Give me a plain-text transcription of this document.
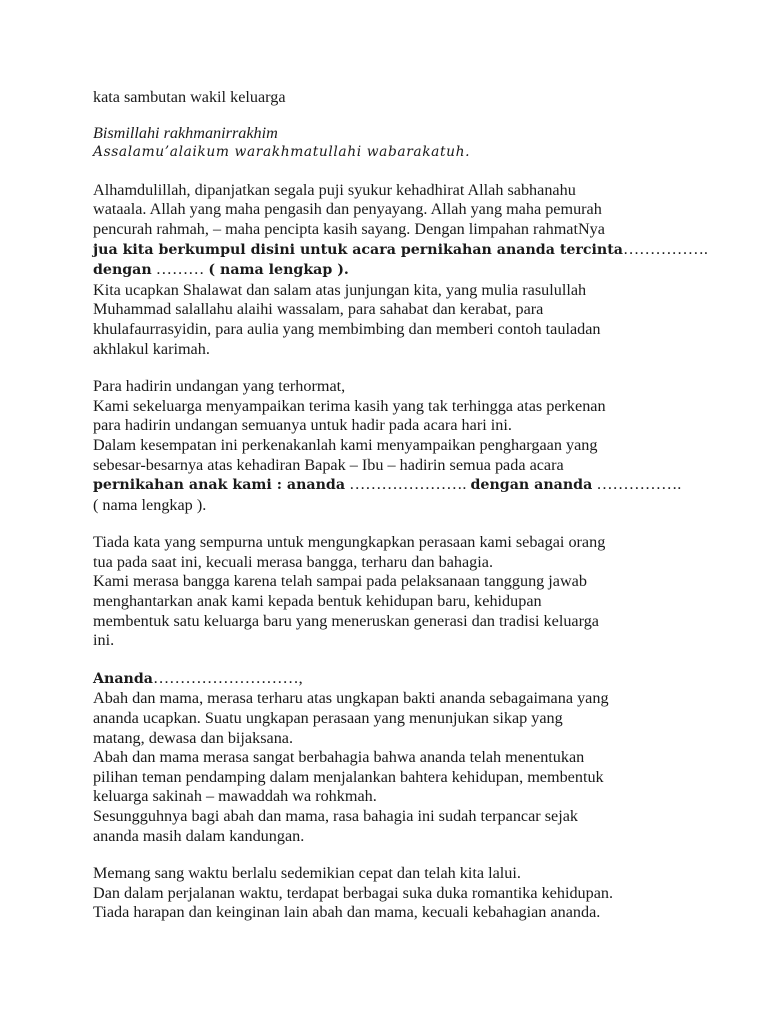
kata sambutan wakil keluarga
Bismillahi rakhmanirrakhim
Assalamu’alaikum warakhmatullahi wabarakatuh.
Alhamdulillah, dipanjatkan segala puji syukur kehadhirat Allah sabhanahu
wataala. Allah yang maha pengasih dan penyayang. Allah yang maha pemurah
pencurah rahmah, – maha pencipta kasih sayang. Dengan limpahan rahmatNya
jua kita berkumpul disini untuk acara pernikahan ananda tercinta…………….
dengan ……… ( nama lengkap ).
Kita ucapkan Shalawat dan salam atas junjungan kita, yang mulia rasulullah
Muhammad salallahu alaihi wassalam, para sahabat dan kerabat, para
khulafaurrasyidin, para aulia yang membimbing dan memberi contoh tauladan
akhlakul karimah.
Para hadirin undangan yang terhormat,
Kami sekeluarga menyampaikan terima kasih yang tak terhingga atas perkenan
para hadirin undangan semuanya untuk hadir pada acara hari ini.
Dalam kesempatan ini perkenakanlah kami menyampaikan penghargaan yang
sebesar-besarnya atas kehadiran Bapak – Ibu – hadirin semua pada acara
pernikahan anak kami : ananda …………………. dengan ananda …………….
( nama lengkap ).
Tiada kata yang sempurna untuk mengungkapkan perasaan kami sebagai orang
tua pada saat ini, kecuali merasa bangga, terharu dan bahagia.
Kami merasa bangga karena telah sampai pada pelaksanaan tanggung jawab
menghantarkan anak kami kepada bentuk kehidupan baru, kehidupan
membentuk satu keluarga baru yang meneruskan generasi dan tradisi keluarga
ini.
Ananda………………………,
Abah dan mama, merasa terharu atas ungkapan bakti ananda sebagaimana yang
ananda ucapkan. Suatu ungkapan perasaan yang menunjukan sikap yang
matang, dewasa dan bijaksana.
Abah dan mama merasa sangat berbahagia bahwa ananda telah menentukan
pilihan teman pendamping dalam menjalankan bahtera kehidupan, membentuk
keluarga sakinah – mawaddah wa rohkmah.
Sesungguhnya bagi abah dan mama, rasa bahagia ini sudah terpancar sejak
ananda masih dalam kandungan.
Memang sang waktu berlalu sedemikian cepat dan telah kita lalui.
Dan dalam perjalanan waktu, terdapat berbagai suka duka romantika kehidupan.
Tiada harapan dan keinginan lain abah dan mama, kecuali kebahagian ananda.
